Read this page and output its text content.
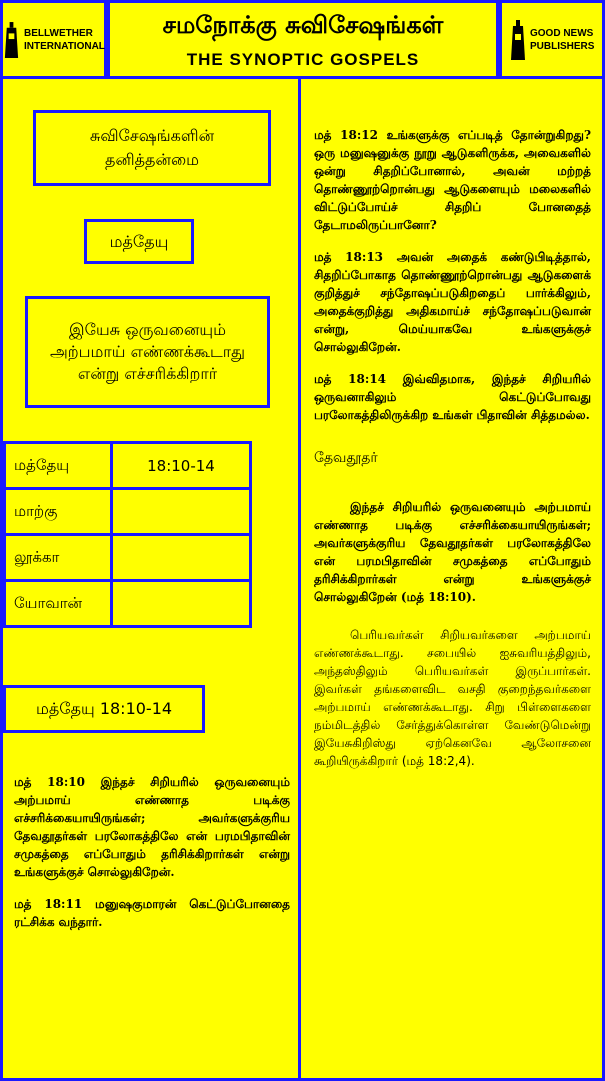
BELLWETHER INTERNATIONAL
சமநோக்கு சுவிசேஷங்கள்
THE SYNOPTIC GOSPELS
GOOD NEWS PUBLISHERS
சுவிசேஷங்களின் தனித்தன்மை
மத்தேயு
இயேசு ஒருவனையும் அற்பமாய் எண்ணக்கூடாது என்று எச்சரிக்கிறார்
மத்தேயு	18:10-14
மாற்கு	
லூக்கா	
யோவான்	
மத்தேயு 18:10-14

மத் 18:10 இந்தச் சிறியரில் ஒருவனையும் அற்பமாய் எண்ணாத படிக்கு எச்சரிக்கையாயிருங்கள்; அவர்களுக்குரிய தேவதூதர்கள் பரலோகத்திலே என் பரமபிதாவின் சமுகத்தை எப்போதும் தரிசிக்கிறார்கள் என்று உங்களுக்குச் சொல்லுகிறேன்.

மத் 18:11 மனுஷகுமாரன் கெட்டுப்போனதை ரட்சிக்க வந்தார்.

மத் 18:12 உங்களுக்கு எப்படித் தோன்றுகிறது? ஒரு மனுஷனுக்கு நூறு ஆடுகளிருக்க, அவைகளில் ஒன்று சிதறிப்போனால், அவன் மற்றத் தொண்ணூற்றொன்பது ஆடுகளையும் மலைகளில் விட்டுப்போய்ச் சிதறிப் போனதைத் தேடாமலிருப்பானோ?

மத் 18:13 அவன் அதைக் கண்டுபிடித்தால், சிதறிப்போகாத தொண்ணூற்றொன்பது ஆடுகளைக் குறித்துச் சந்தோஷப்படுகிறதைப் பார்க்கிலும், அதைக்குறித்து அதிகமாய்ச் சந்தோஷப்படுவான் என்று, மெய்யாகவே உங்களுக்குச் சொல்லுகிறேன்.

மத் 18:14 இவ்விதமாக, இந்தச் சிறியரில் ஒருவனாகிலும் கெட்டுப்போவது பரலோகத்திலிருக்கிற உங்கள் பிதாவின் சித்தமல்ல.

தேவதூதர்

இந்தச் சிறியரில் ஒருவனையும் அற்பமாய் எண்ணாத படிக்கு எச்சரிக்கையாயிருங்கள்; அவர்களுக்குரிய தேவதூதர்கள் பரலோகத்திலே என் பரமபிதாவின் சமுகத்தை எப்போதும் தரிசிக்கிறார்கள் என்று உங்களுக்குச் சொல்லுகிறேன் (மத் 18:10).

பெரியவர்கள் சிறியவர்களை அற்பமாய் எண்ணக்கூடாது. சபையில் ஐசுவரியத்திலும், அந்தஸ்திலும் பெரியவர்கள் இருப்பார்கள். இவர்கள் தங்களைவிட வசதி குறைந்தவர்களை அற்பமாய் எண்ணக்கூடாது. சிறு பிள்ளைகளை நம்மிடத்தில் சேர்த்துக்கொள்ள வேண்டுமென்று இயேசுகிறிஸ்து ஏற்கெனவே ஆலோசனை கூறியிருக்கிறார் (மத் 18:2,4).
